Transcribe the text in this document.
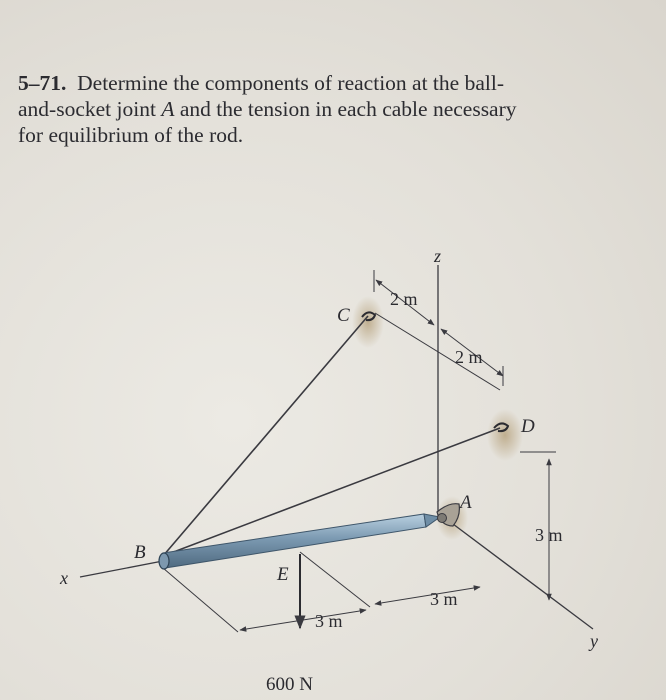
5–71. Determine the components of reaction at the ball-
and-socket joint A and the tension in each cable necessary
for equilibrium of the rod.
z
x
y
A
B
C
D
E
2 m
2 m
3 m
3 m
3 m
600 N
